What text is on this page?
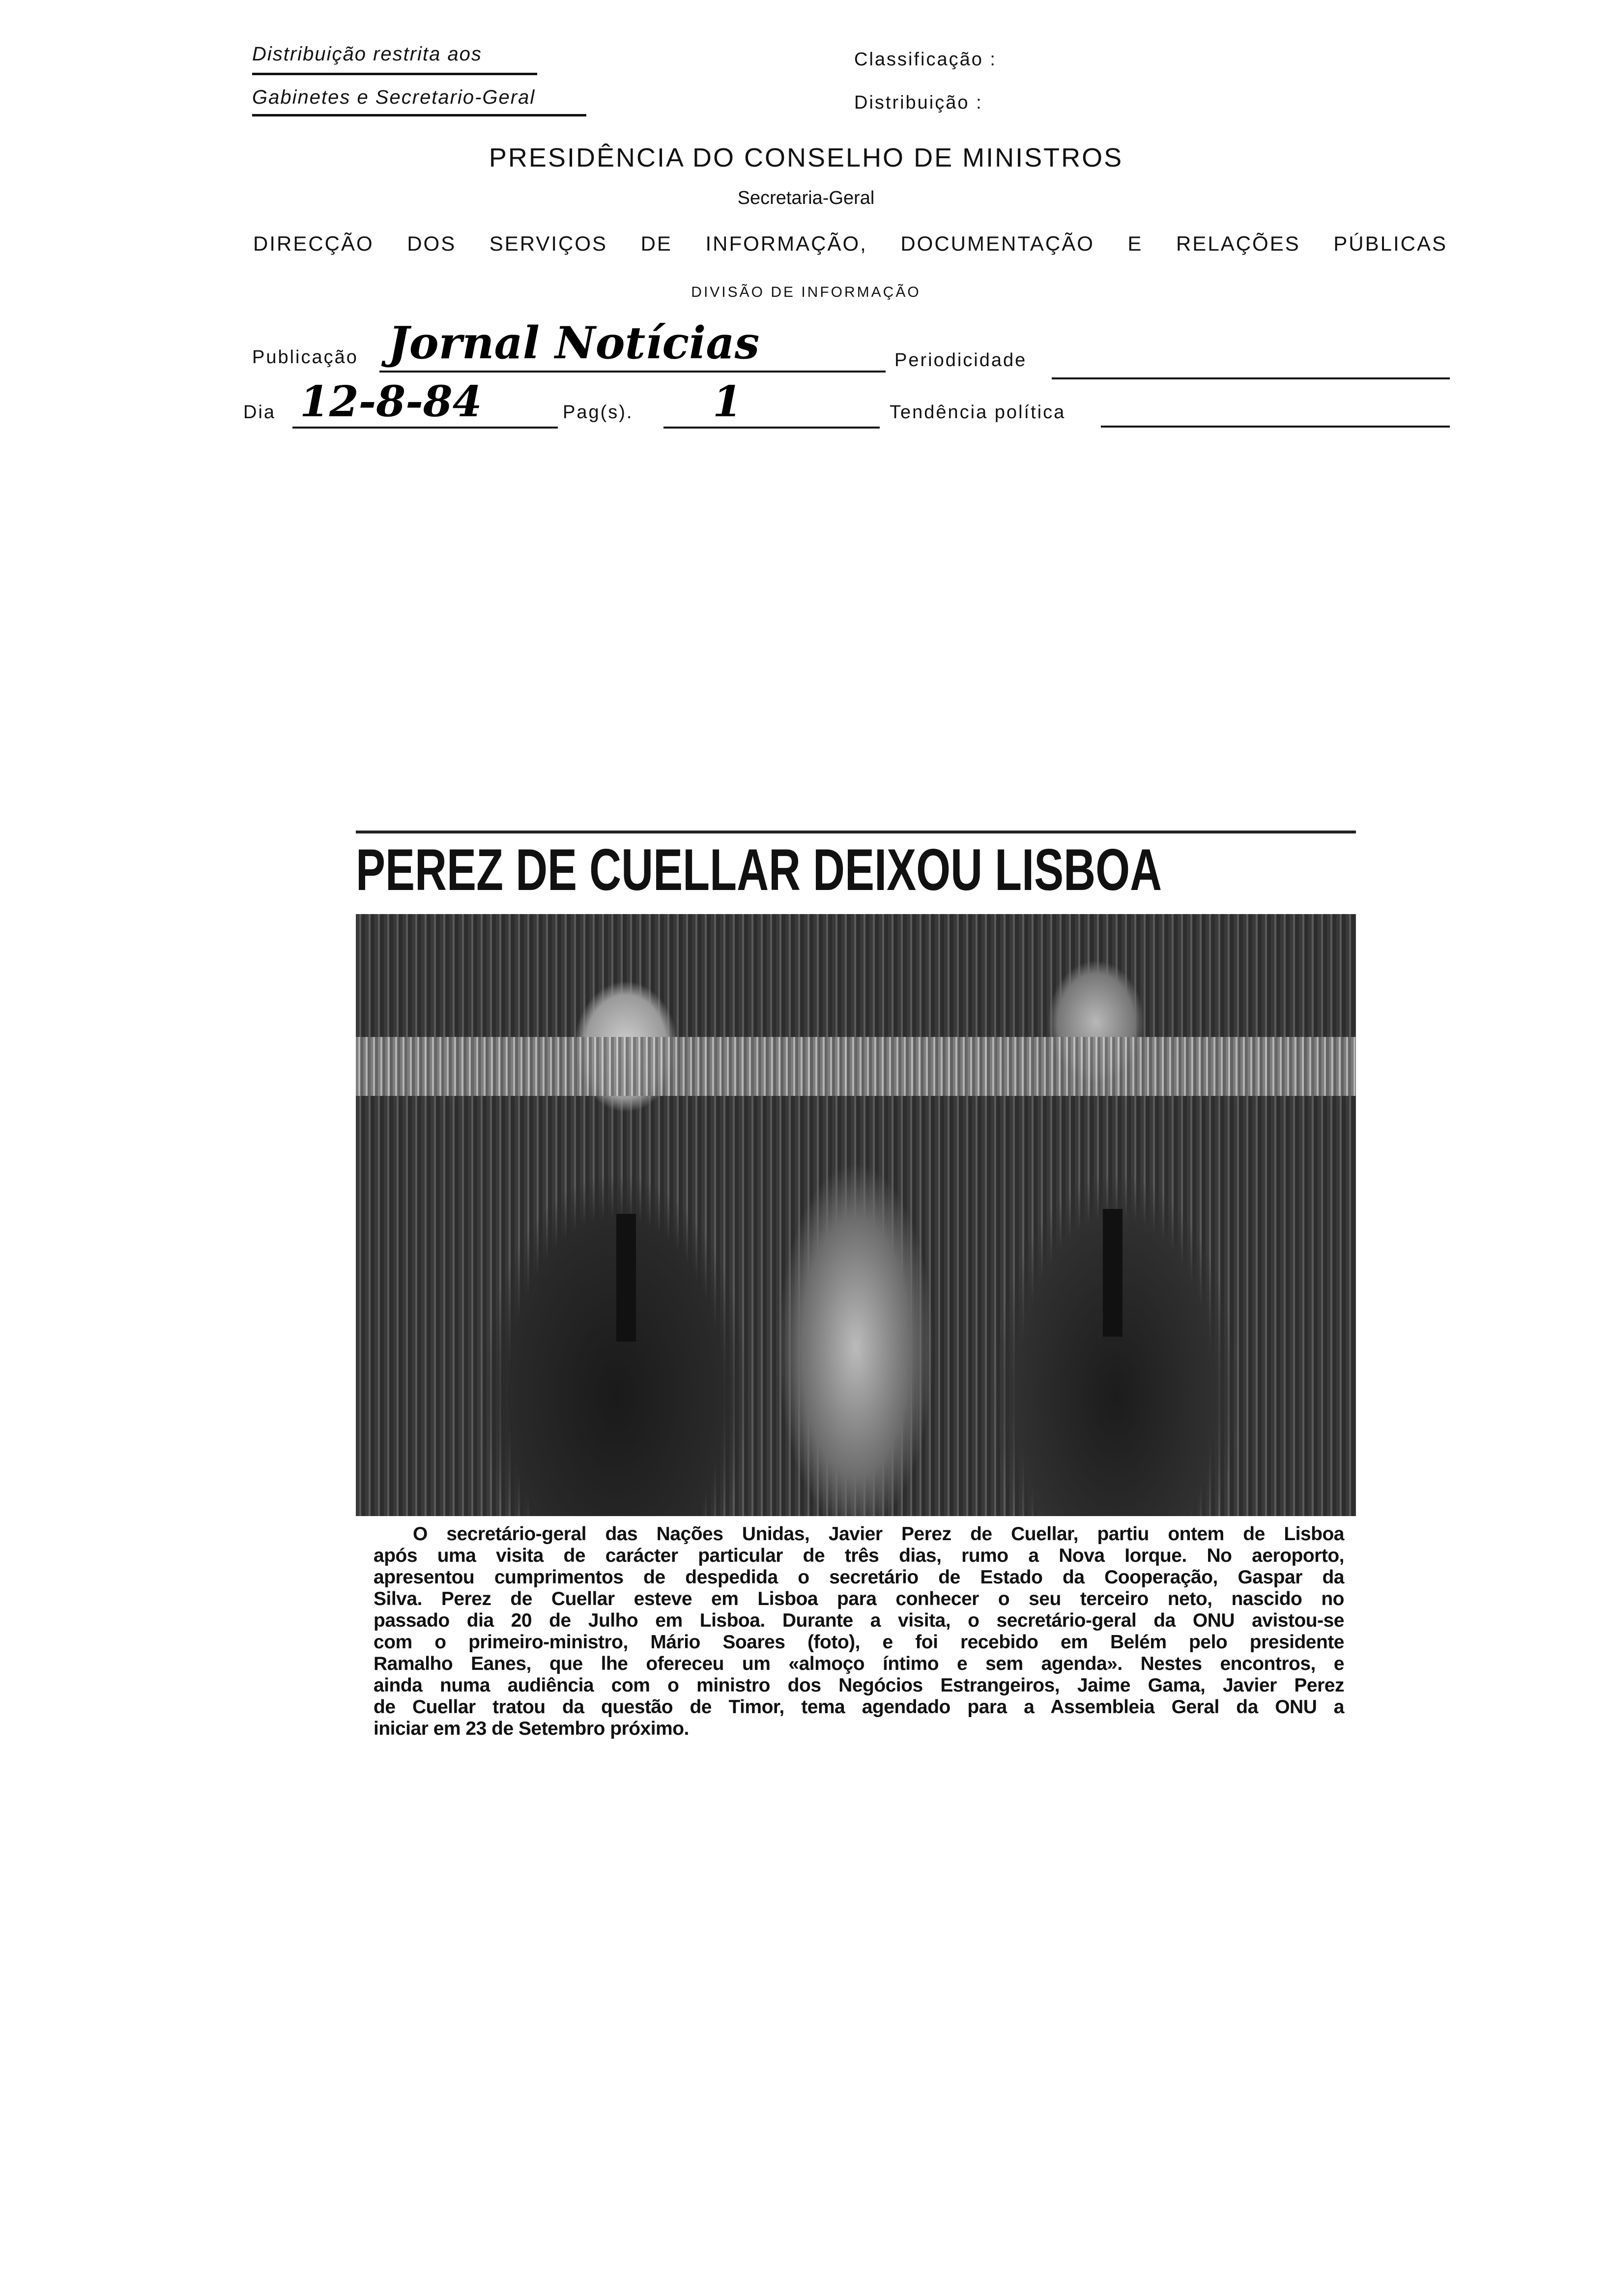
Distribuição restrita aos
Gabinetes e Secretario-Geral
Classificação :
Distribuição :
PRESIDÊNCIA DO CONSELHO DE MINISTROS
Secretaria-Geral
DIRECÇÃO  DOS  SERVIÇOS  DE  INFORMAÇÃO,  DOCUMENTAÇÃO  E  RELAÇÕES  PÚBLICAS
DIVISÃO DE INFORMAÇÃO
Publicação Jornal Notícias	Periodicidade
Dia 12-8-84	Pag(s). 1	Tendência política
PEREZ DE CUELLAR DEIXOU LISBOA
O secretário-geral das Nações Unidas, Javier Perez de Cuellar, partiu ontem de Lisboa
após uma visita de carácter particular de três dias, rumo a Nova Iorque. No aeroporto,
apresentou cumprimentos de despedida o secretário de Estado da Cooperação, Gaspar da
Silva. Perez de Cuellar esteve em Lisboa para conhecer o seu terceiro neto, nascido no
passado dia 20 de Julho em Lisboa. Durante a visita, o secretário-geral da ONU avistou-se
com o primeiro-ministro, Mário Soares (foto), e foi recebido em Belém pelo presidente
Ramalho Eanes, que lhe ofereceu um «almoço íntimo e sem agenda». Nestes encontros, e
ainda numa audiência com o ministro dos Negócios Estrangeiros, Jaime Gama, Javier Perez
de Cuellar tratou da questão de Timor, tema agendado para a Assembleia Geral da ONU a
iniciar em 23 de Setembro próximo.
